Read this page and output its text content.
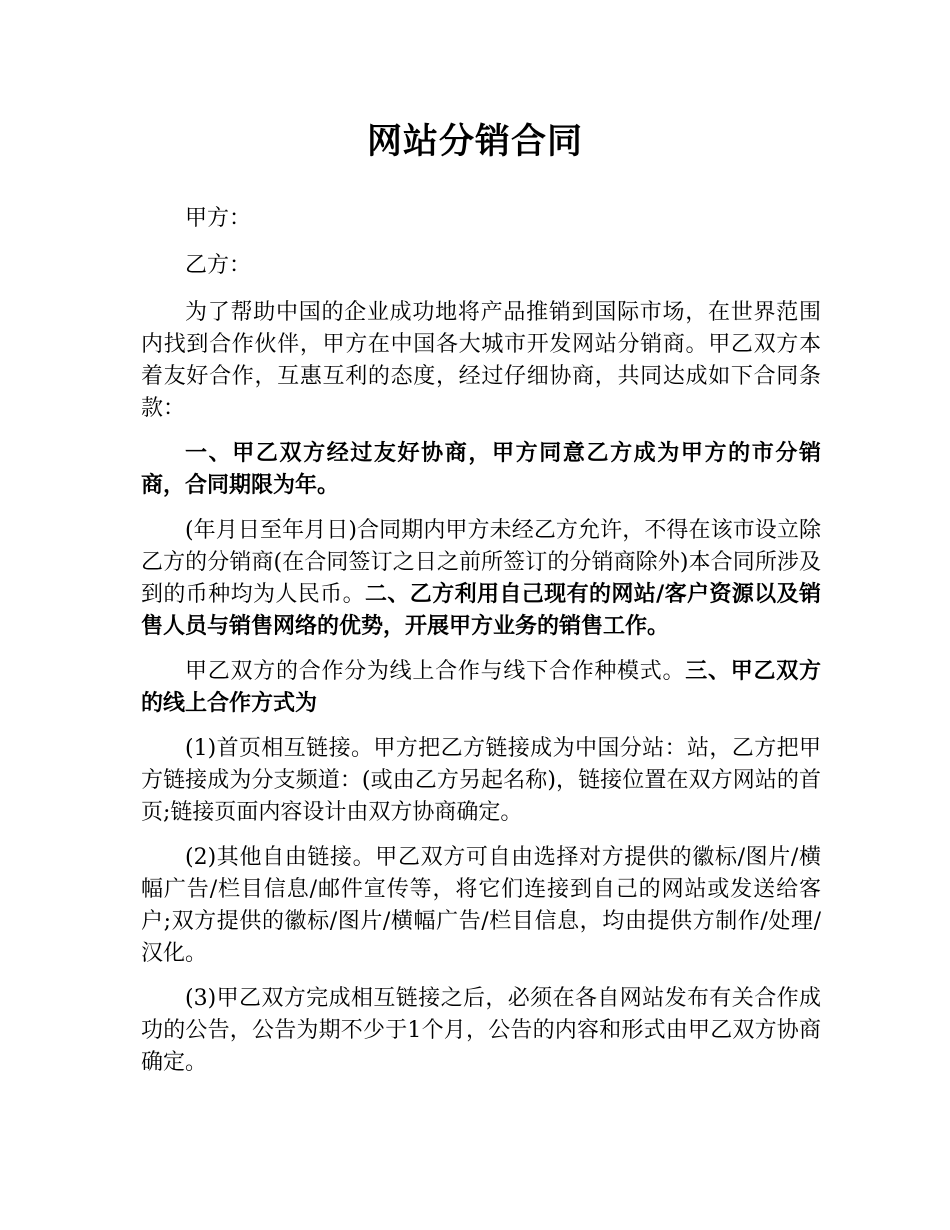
网站分销合同

甲方：

乙方：

为了帮助中国的企业成功地将产品推销到国际市场，在世界范围内找到合作伙伴，甲方在中国各大城市开发网站分销商。甲乙双方本着友好合作，互惠互利的态度，经过仔细协商，共同达成如下合同条款：

一、甲乙双方经过友好协商，甲方同意乙方成为甲方的市分销商，合同期限为年。

(年月日至年月日)合同期内甲方未经乙方允许，不得在该市设立除乙方的分销商(在合同签订之日之前所签订的分销商除外)本合同所涉及到的币种均为人民币。二、乙方利用自己现有的网站/客户资源以及销售人员与销售网络的优势，开展甲方业务的销售工作。

甲乙双方的合作分为线上合作与线下合作种模式。三、甲乙双方的线上合作方式为

(1)首页相互链接。甲方把乙方链接成为中国分站：站，乙方把甲方链接成为分支频道：(或由乙方另起名称)，链接位置在双方网站的首页;链接页面内容设计由双方协商确定。

(2)其他自由链接。甲乙双方可自由选择对方提供的徽标/图片/横幅广告/栏目信息/邮件宣传等，将它们连接到自己的网站或发送给客户;双方提供的徽标/图片/横幅广告/栏目信息，均由提供方制作/处理/汉化。

(3)甲乙双方完成相互链接之后，必须在各自网站发布有关合作成功的公告，公告为期不少于1个月，公告的内容和形式由甲乙双方协商确定。
